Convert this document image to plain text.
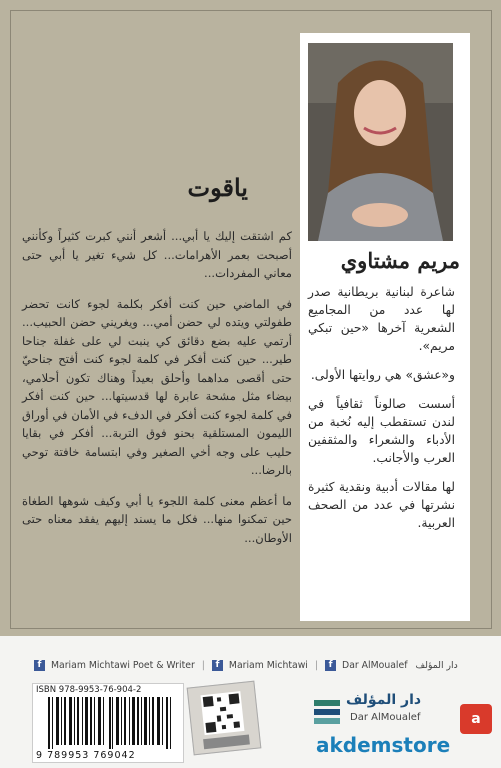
مريم مشتاوي

شاعرة لبنانية بريطانية صدر لها عدد من المجاميع الشعرية آخرها «حين تبكي مريم».

و«عشق» هي روايتها الأولى.

أسست صالوناً ثقافياً في لندن تستقطب إليه نُخبة من الأدباء والشعراء والمثقفين العرب والأجانب.

لها مقالات أدبية ونقدية كثيرة نشرتها في عدد من الصحف العربية.

ياقوت

كم اشتقت إليك يا أبي... أشعر أنني كبرت كثيراً وكأنني أصبحت بعمر الأهرامات... كل شيء تغير يا أبي حتى معاني المفردات...

في الماضي حين كنت أفكر بكلمة لجوء كانت تحضر طفولتي ويتده لي حضن أمي... ويغريني حضن الحبيب... أرتمي عليه بضع دقائق كي ينبت لي على غفلة جناحا طير... حين كنت أفكر في كلمة لجوء كنت أفتح جناحيّ حتى أقصى مداهما وأحلق بعيداً وهناك تكون أحلامي، بيضاء مثل مشحة عابرة لها قدسيتها... حين كنت أفكر في كلمة لجوء كنت أفكر في الدفء في الأمان في أوراق الليمون المستلقية بحنو فوق التربة... أفكر في بقايا حليب على وجه أخي الصغير وفي ابتسامة خافتة توحي بالرضا...

ما أعظم معنى كلمة اللجوء يا أبي وكيف شوهها الطغاة حين تمكنوا منها... فكل ما يسند إليهم يفقد معناه حتى الأوطان...

f	Mariam Michtawi Poet & Writer |	f	Mariam Michtawi |	f	Dar AlMoualef دار المؤلف
ISBN 978-9953-76-904-2
9 789953 769042
دار المؤلف
Dar AlMoualef
akdemstore
a
